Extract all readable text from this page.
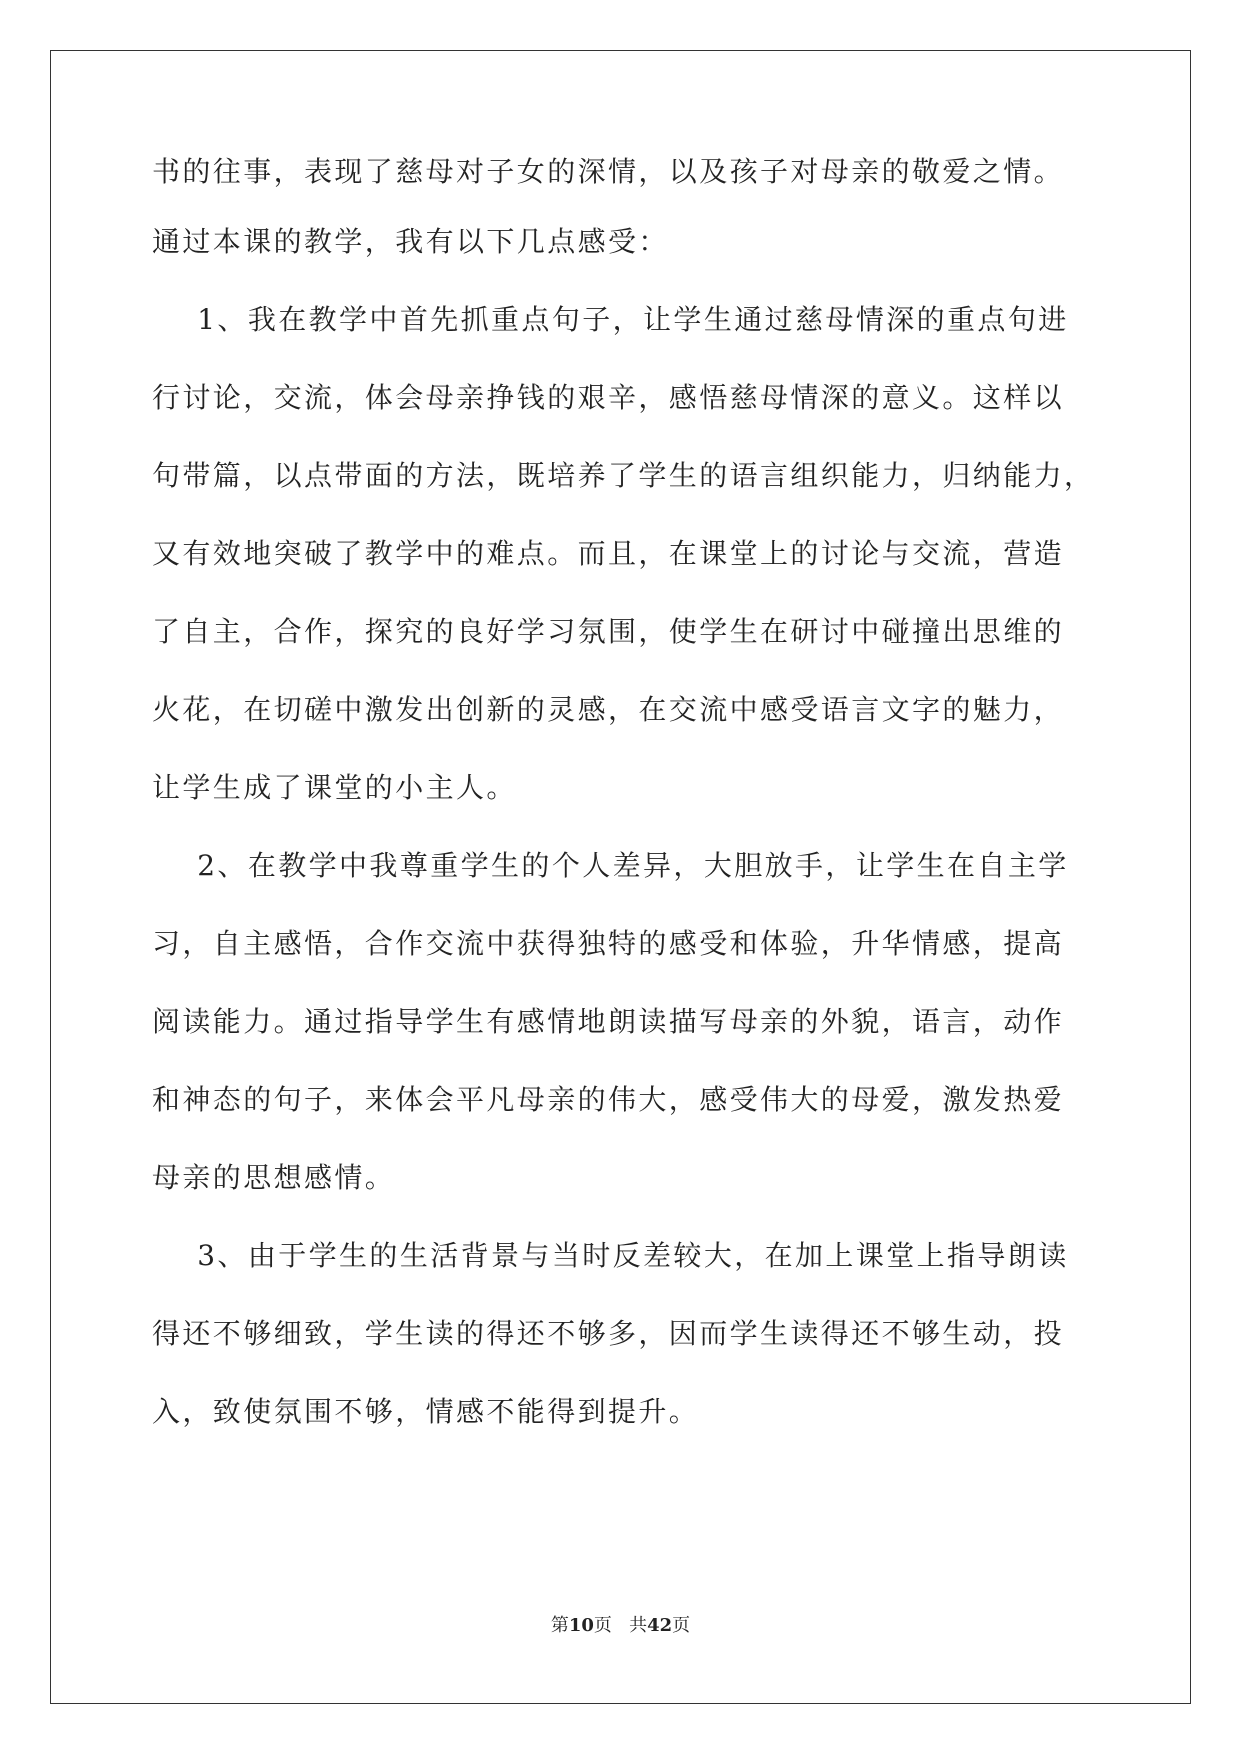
书的往事，表现了慈母对子女的深情，以及孩子对母亲的敬爱之情。
通过本课的教学，我有以下几点感受：
1、我在教学中首先抓重点句子，让学生通过慈母情深的重点句进
行讨论，交流，体会母亲挣钱的艰辛，感悟慈母情深的意义。这样以
句带篇，以点带面的方法，既培养了学生的语言组织能力，归纳能力，
又有效地突破了教学中的难点。而且，在课堂上的讨论与交流，营造
了自主，合作，探究的良好学习氛围，使学生在研讨中碰撞出思维的
火花，在切磋中激发出创新的灵感，在交流中感受语言文字的魅力，
让学生成了课堂的小主人。
2、在教学中我尊重学生的个人差异，大胆放手，让学生在自主学
习，自主感悟，合作交流中获得独特的感受和体验，升华情感，提高
阅读能力。通过指导学生有感情地朗读描写母亲的外貌，语言，动作
和神态的句子，来体会平凡母亲的伟大，感受伟大的母爱，激发热爱
母亲的思想感情。
3、由于学生的生活背景与当时反差较大，在加上课堂上指导朗读
得还不够细致，学生读的得还不够多，因而学生读得还不够生动，投
入，致使氛围不够，情感不能得到提升。
第10页 共42页
